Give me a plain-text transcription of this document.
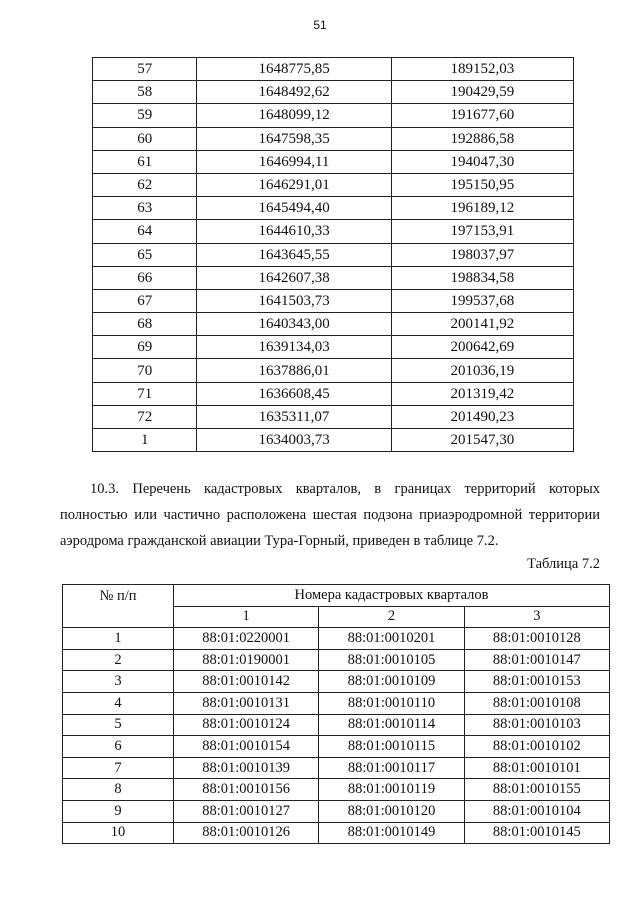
51
57	1648775,85	189152,03
58	1648492,62	190429,59
59	1648099,12	191677,60
60	1647598,35	192886,58
61	1646994,11	194047,30
62	1646291,01	195150,95
63	1645494,40	196189,12
64	1644610,33	197153,91
65	1643645,55	198037,97
66	1642607,38	198834,58
67	1641503,73	199537,68
68	1640343,00	200141,92
69	1639134,03	200642,69
70	1637886,01	201036,19
71	1636608,45	201319,42
72	1635311,07	201490,23
1	1634003,73	201547,30

10.3. Перечень кадастровых кварталов, в границах территорий которых полностью или частично расположена шестая подзона приаэродромной территории аэродрома гражданской авиации Тура-Горный, приведен в таблице 7.2.

Таблица 7.2
№ п/п	Номера кадастровых кварталов		
	1	2	3
1	88:01:0220001	88:01:0010201	88:01:0010128
2	88:01:0190001	88:01:0010105	88:01:0010147
3	88:01:0010142	88:01:0010109	88:01:0010153
4	88:01:0010131	88:01:0010110	88:01:0010108
5	88:01:0010124	88:01:0010114	88:01:0010103
6	88:01:0010154	88:01:0010115	88:01:0010102
7	88:01:0010139	88:01:0010117	88:01:0010101
8	88:01:0010156	88:01:0010119	88:01:0010155
9	88:01:0010127	88:01:0010120	88:01:0010104
10	88:01:0010126	88:01:0010149	88:01:0010145
